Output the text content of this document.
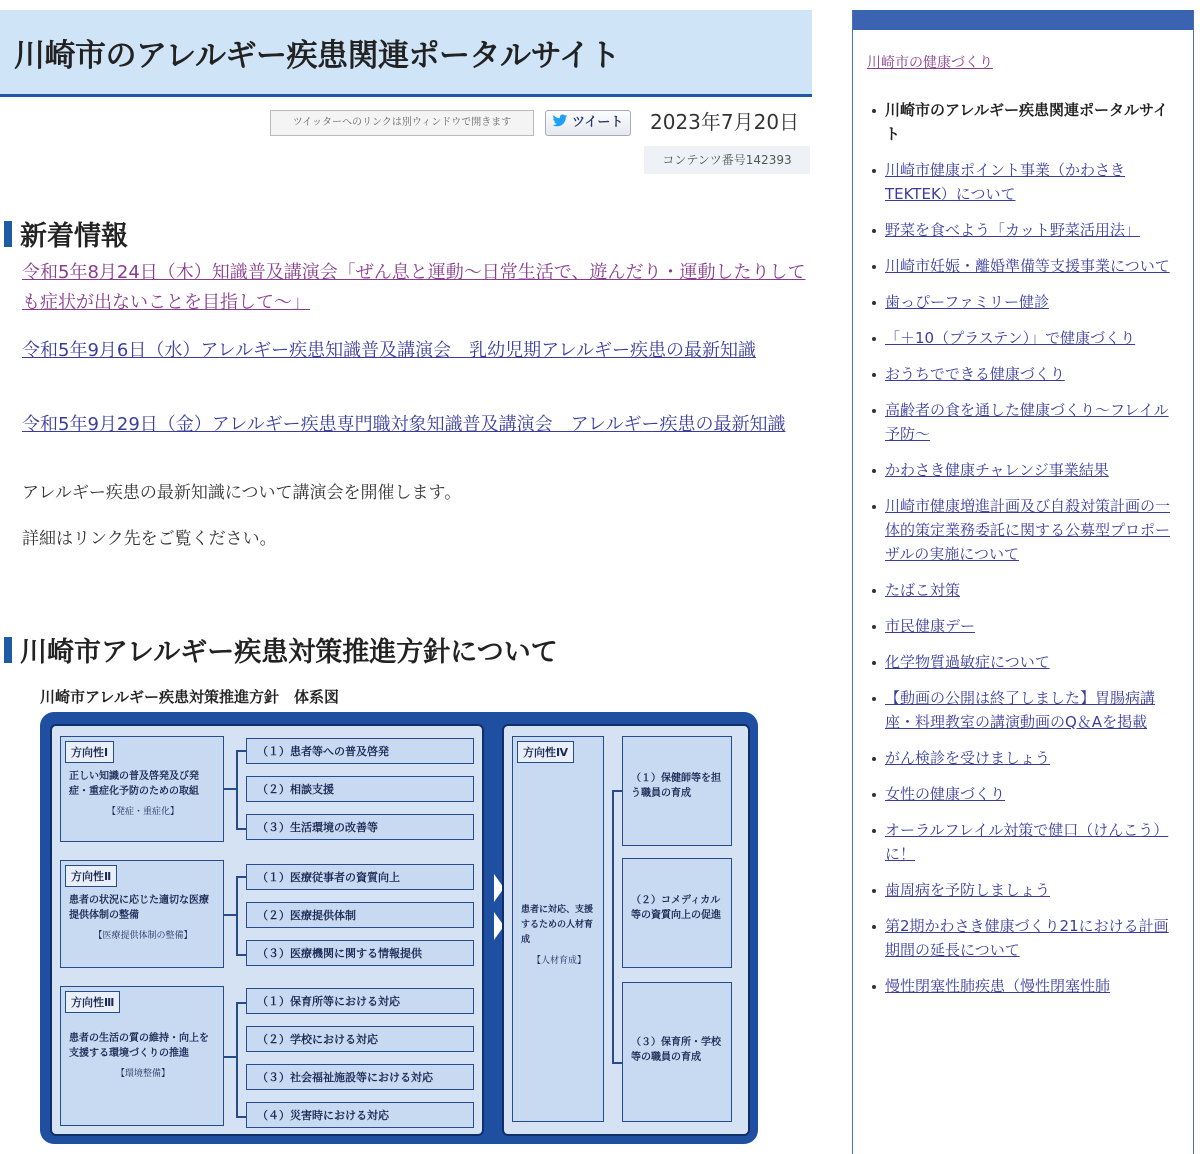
川崎市のアレルギー疾患関連ポータルサイト
ツイッターへのリンクは別ウィンドウで開きます	ツイート	2023年7月20日
コンテンツ番号142393
新着情報
令和5年8月24日（木）知識普及講演会「ぜん息と運動～日常生活で、遊んだり・運動したりしても症状が出ないことを目指して～」
令和5年9月6日（水）アレルギー疾患知識普及講演会　乳幼児期アレルギー疾患の最新知識
令和5年9月29日（金）アレルギー疾患専門職対象知識普及講演会　アレルギー疾患の最新知識
アレルギー疾患の最新知識について講演会を開催します。
詳細はリンク先をご覧ください。
川崎市アレルギー疾患対策推進方針について
川崎市アレルギー疾患対策推進方針　体系図
方向性Ⅰ
正しい知識の普及啓発及び発症・重症化予防のための取組
【発症・重症化】
（１）患者等への普及啓発
（２）相談支援
（３）生活環境の改善等
方向性Ⅱ
患者の状況に応じた適切な医療提供体制の整備
【医療提供体制の整備】
（１）医療従事者の資質向上
（２）医療提供体制
（３）医療機関に関する情報提供
方向性Ⅲ
患者の生活の質の維持・向上を支援する環境づくりの推進
【環境整備】
（１）保育所等における対応
（２）学校における対応
（３）社会福祉施設等における対応
（４）災害時における対応
方向性Ⅳ
患者に対応、支援するための人材育成
【人材育成】
（１）保健師等を担う職員の育成
（２）コメディカル等の資質向上の促進
（３）保育所・学校等の職員の育成
川崎市の健康づくり
川崎市のアレルギー疾患関連ポータルサイト
川崎市健康ポイント事業（かわさきTEKTEK）について
野菜を食べよう「カット野菜活用法」
川崎市妊娠・離婚準備等支援事業について
歯っぴーファミリー健診
「＋10（プラステン）」で健康づくり
おうちでできる健康づくり
高齢者の食を通した健康づくり～フレイル予防～
かわさき健康チャレンジ事業結果
川崎市健康増進計画及び自殺対策計画の一体的策定業務委託に関する公募型プロポーザルの実施について
たばこ対策
市民健康デー
化学物質過敏症について
【動画の公開は終了しました】胃腸病講座・料理教室の講演動画のQ＆Aを掲載
がん検診を受けましょう
女性の健康づくり
オーラルフレイル対策で健口（けんこう）に！
歯周病を予防しましょう
第2期かわさき健康づくり21における計画期間の延長について
慢性閉塞性肺疾患（慢性閉塞性肺
